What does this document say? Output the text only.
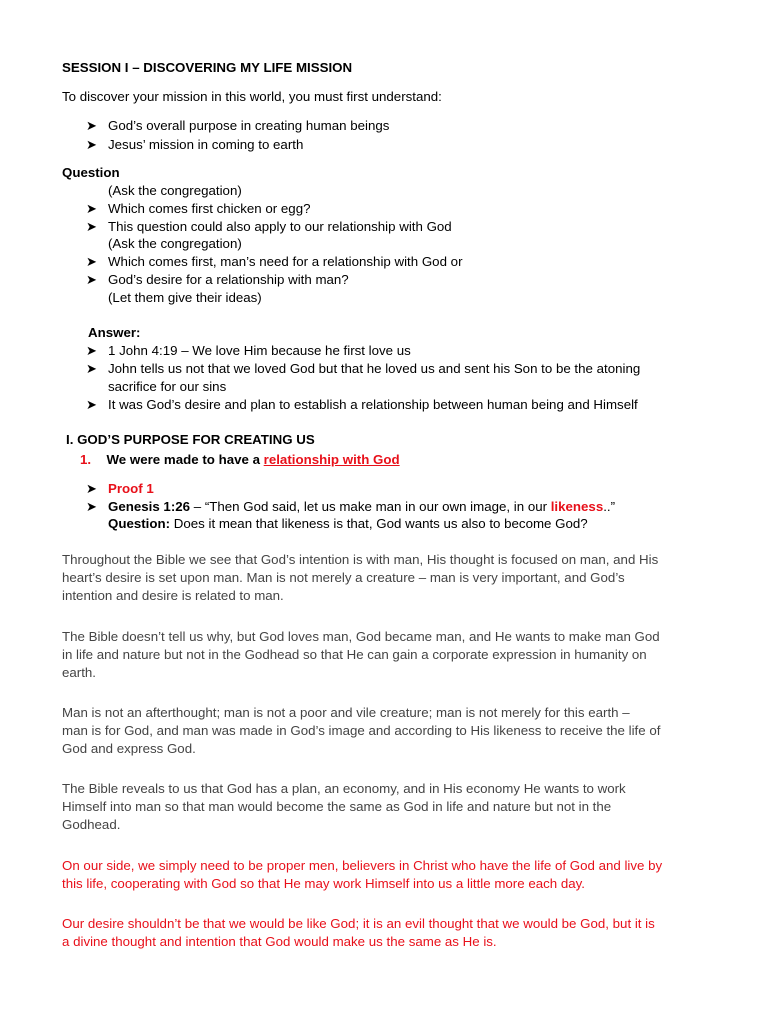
SESSION I – DISCOVERING MY LIFE MISSION
To discover your mission in this world, you must first understand:
➤ God’s overall purpose in creating human beings
➤ Jesus’ mission in coming to earth
Question
(Ask the congregation)
➤ Which comes first chicken or egg?
➤ This question could also apply to our relationship with God
(Ask the congregation)
➤ Which comes first, man’s need for a relationship with God or
➤ God’s desire for a relationship with man?
(Let them give their ideas)
Answer:
➤ 1 John 4:19 – We love Him because he first love us
➤ John tells us not that we loved God but that he loved us and sent his Son to be the atoning
sacrifice for our sins
➤ It was God’s desire and plan to establish a relationship between human being and Himself
I. GOD’S PURPOSE FOR CREATING US
1. We were made to have a relationship with God
➤ Proof 1
➤ Genesis 1:26 – “Then God said, let us make man in our own image, in our likeness..”
Question: Does it mean that likeness is that, God wants us also to become God?
Throughout the Bible we see that God’s intention is with man, His thought is focused on man, and His
heart’s desire is set upon man. Man is not merely a creature – man is very important, and God’s
intention and desire is related to man.
The Bible doesn’t tell us why, but God loves man, God became man, and He wants to make man God
in life and nature but not in the Godhead so that He can gain a corporate expression in humanity on
earth.
Man is not an afterthought; man is not a poor and vile creature; man is not merely for this earth –
man is for God, and man was made in God’s image and according to His likeness to receive the life of
God and express God.
The Bible reveals to us that God has a plan, an economy, and in His economy He wants to work
Himself into man so that man would become the same as God in life and nature but not in the
Godhead.
On our side, we simply need to be proper men, believers in Christ who have the life of God and live by
this life, cooperating with God so that He may work Himself into us a little more each day.
Our desire shouldn’t be that we would be like God; it is an evil thought that we would be God, but it is
a divine thought and intention that God would make us the same as He is.
